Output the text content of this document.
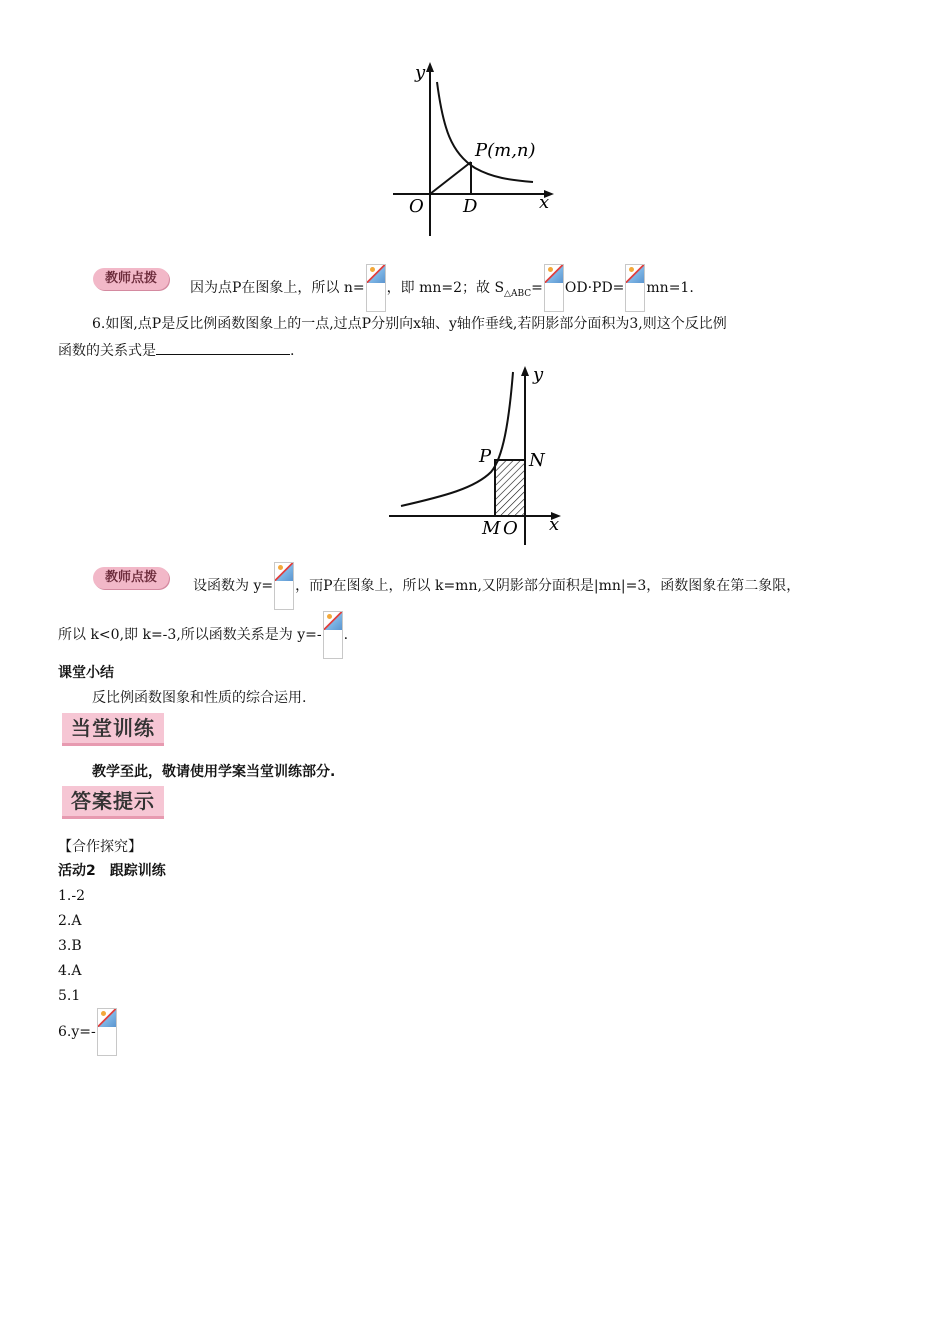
y
x
O D
P(m,n)
教师点拨
因为点P在图象上，所以 n= ，即 mn=2；故 $S_{\triangle ABC}= OD\cdot PD= mn=1$.
6.如图,点P是反比例函数图象上的一点,过点P分别向x轴、y轴作垂线,若阴影部分面积为3,则这个反比例
函数的关系式是	.
y
x
P N
M O
教师点拨
设函数为 y= ，而P在图象上，所以 k=mn,又阴影部分面积是|mn|=3，函数图象在第二象限，
所以 k<0,即 k=-3,所以函数关系是为 y=- .
课堂小结
反比例函数图象和性质的综合运用.
当堂训练
教学至此，敬请使用学案当堂训练部分.
答案提示
【合作探究】
活动2　跟踪训练
1.-2
2.A
3.B
4.A
5.1
6.y=-
